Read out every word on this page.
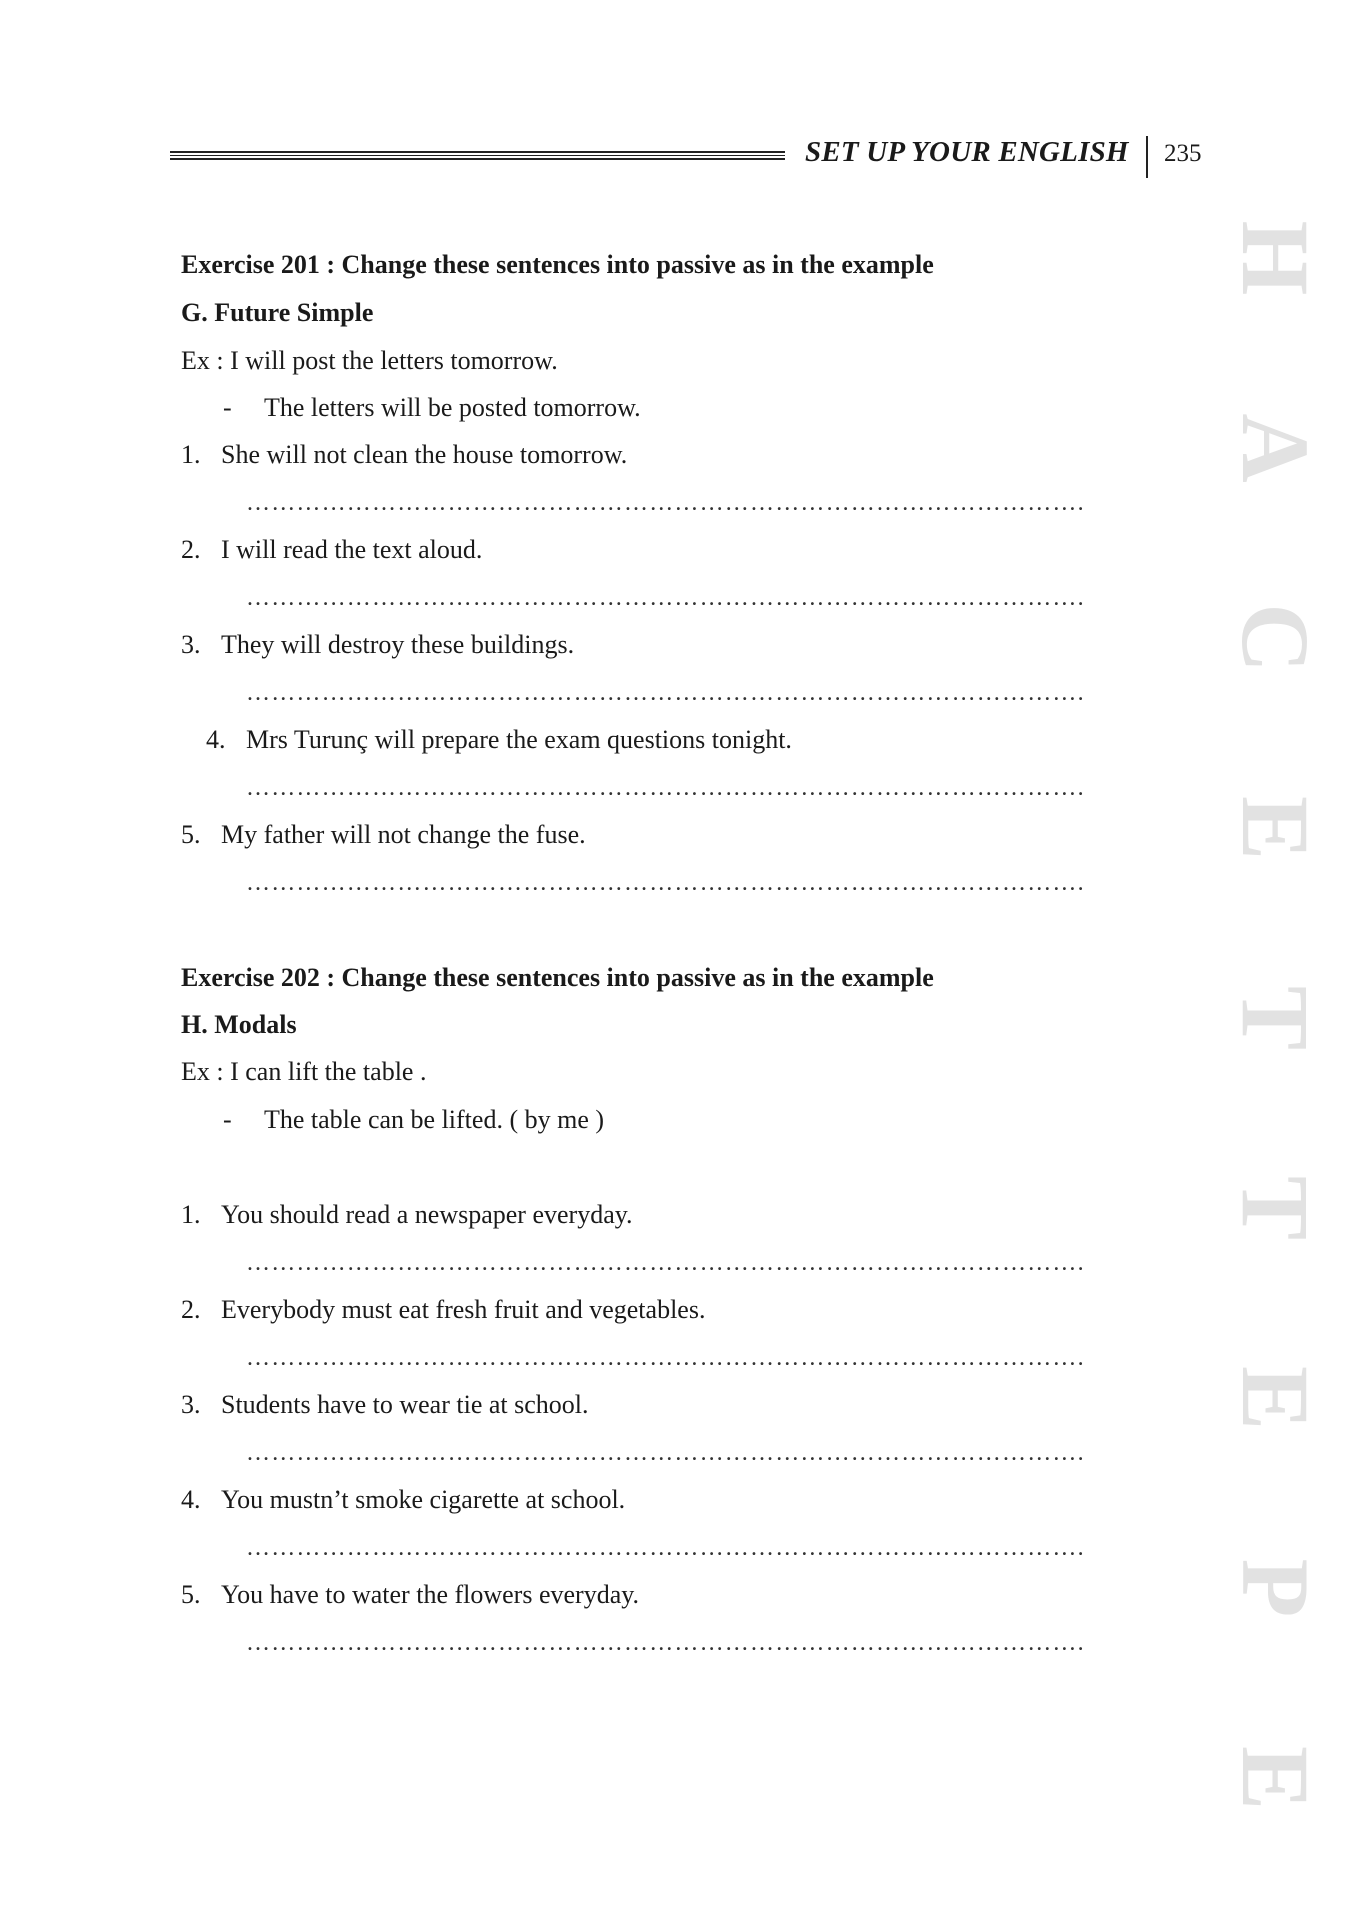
SET UP YOUR ENGLISH 235
H
A
C
E
T
T
E
P
E
Exercise 201 : Change these sentences into passive as in the example
G. Future Simple
Ex : I will post the letters tomorrow.
- The letters will be posted tomorrow.
1. She will not clean the house tomorrow.
……………………………………………………………………………………….
2. I will read the text aloud.
……………………………………………………………………………………….
3. They will destroy these buildings.
……………………………………………………………………………………….
4. Mrs Turunç will prepare the exam questions tonight.
……………………………………………………………………………………….
5. My father will not change the fuse.
……………………………………………………………………………………….
Exercise 202 : Change these sentences into passive as in the example
H. Modals
Ex : I can lift the table .
- The table can be lifted. ( by me )
1. You should read a newspaper everyday.
……………………………………………………………………………………….
2. Everybody must eat fresh fruit and vegetables.
……………………………………………………………………………………….
3. Students have to wear tie at school.
……………………………………………………………………………………….
4. You mustn’t smoke cigarette at school.
……………………………………………………………………………………….
5. You have to water the flowers everyday.
……………………………………………………………………………………….
